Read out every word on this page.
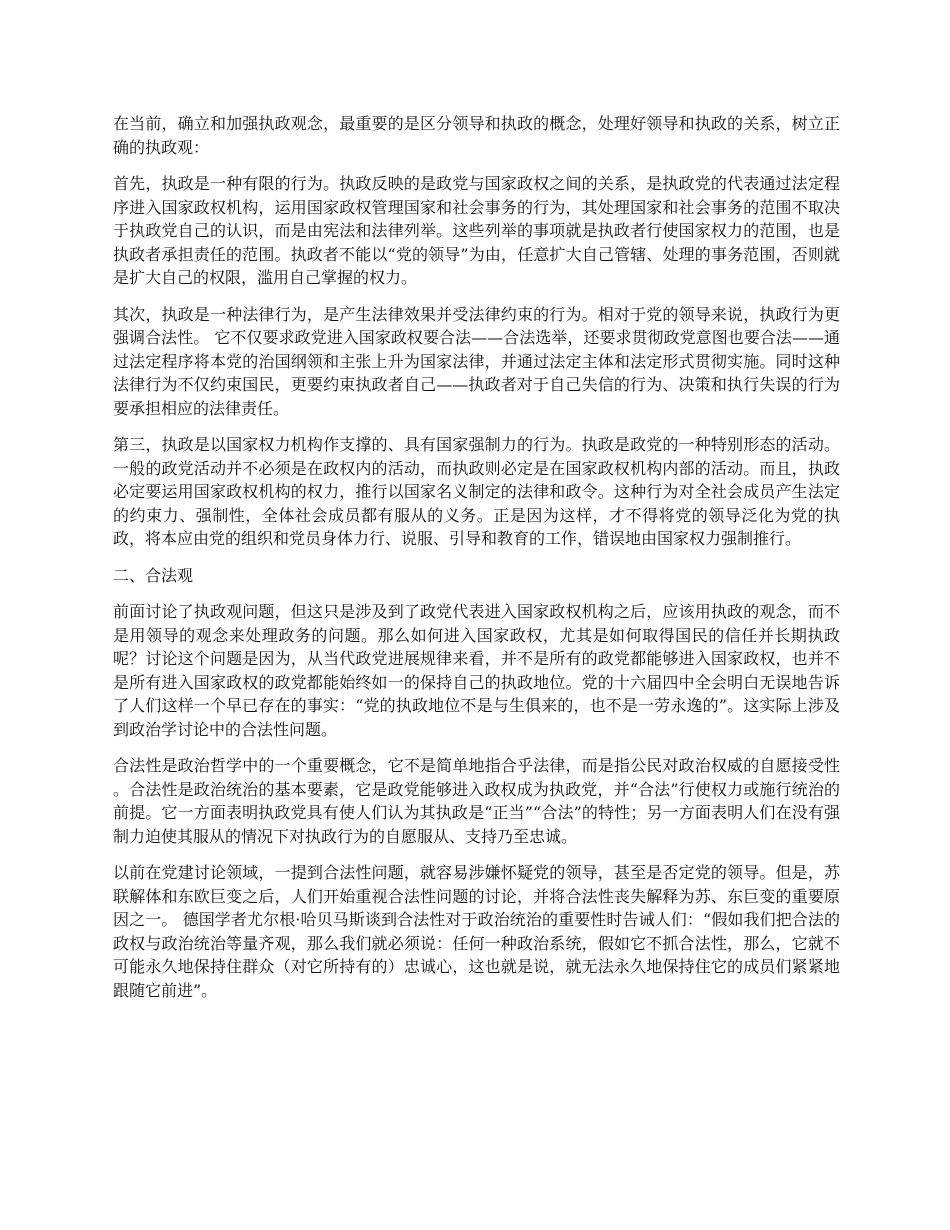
在当前，确立和加强执政观念，最重要的是区分领导和执政的概念，处理好领导和执政的关系，树立正确的执政观：

首先，执政是一种有限的行为。执政反映的是政党与国家政权之间的关系，是执政党的代表通过法定程序进入国家政权机构，运用国家政权管理国家和社会事务的行为，其处理国家和社会事务的范围不取决于执政党自己的认识，而是由宪法和法律列举。这些列举的事项就是执政者行使国家权力的范围，也是执政者承担责任的范围。执政者不能以“党的领导”为由，任意扩大自己管辖、处理的事务范围，否则就是扩大自己的权限，滥用自己掌握的权力。

其次，执政是一种法律行为，是产生法律效果并受法律约束的行为。相对于党的领导来说，执政行为更强调合法性。 它不仅要求政党进入国家政权要合法——合法选举，还要求贯彻政党意图也要合法——通过法定程序将本党的治国纲领和主张上升为国家法律，并通过法定主体和法定形式贯彻实施。同时这种法律行为不仅约束国民，更要约束执政者自己——执政者对于自己失信的行为、决策和执行失误的行为要承担相应的法律责任。

第三，执政是以国家权力机构作支撑的、具有国家强制力的行为。执政是政党的一种特别形态的活动。一般的政党活动并不必须是在政权内的活动，而执政则必定是在国家政权机构内部的活动。而且，执政必定要运用国家政权机构的权力，推行以国家名义制定的法律和政令。这种行为对全社会成员产生法定的约束力、强制性，全体社会成员都有服从的义务。正是因为这样，才不得将党的领导泛化为党的执政，将本应由党的组织和党员身体力行、说服、引导和教育的工作，错误地由国家权力强制推行。

二、合法观

前面讨论了执政观问题，但这只是涉及到了政党代表进入国家政权机构之后，应该用执政的观念，而不是用领导的观念来处理政务的问题。那么如何进入国家政权，尤其是如何取得国民的信任并长期执政呢？讨论这个问题是因为，从当代政党进展规律来看，并不是所有的政党都能够进入国家政权，也并不是所有进入国家政权的政党都能始终如一的保持自己的执政地位。党的十六届四中全会明白无误地告诉了人们这样一个早已存在的事实：“党的执政地位不是与生俱来的，也不是一劳永逸的”。这实际上涉及到政治学讨论中的合法性问题。

合法性是政治哲学中的一个重要概念，它不是简单地指合乎法律，而是指公民对政治权威的自愿接受性 。合法性是政治统治的基本要素，它是政党能够进入政权成为执政党，并“合法”行使权力或施行统治的前提。它一方面表明执政党具有使人们认为其执政是“正当”“合法”的特性；另一方面表明人们在没有强制力迫使其服从的情况下对执政行为的自愿服从、支持乃至忠诚。

以前在党建讨论领域，一提到合法性问题，就容易涉嫌怀疑党的领导，甚至是否定党的领导。但是，苏联解体和东欧巨变之后，人们开始重视合法性问题的讨论，并将合法性丧失解释为苏、东巨变的重要原因之一。 德国学者尤尔根·哈贝马斯谈到合法性对于政治统治的重要性时告诫人们：“假如我们把合法的政权与政治统治等量齐观，那么我们就必须说：任何一种政治系统，假如它不抓合法性，那么，它就不可能永久地保持住群众（对它所持有的）忠诚心，这也就是说，就无法永久地保持住它的成员们紧紧地跟随它前进”。
